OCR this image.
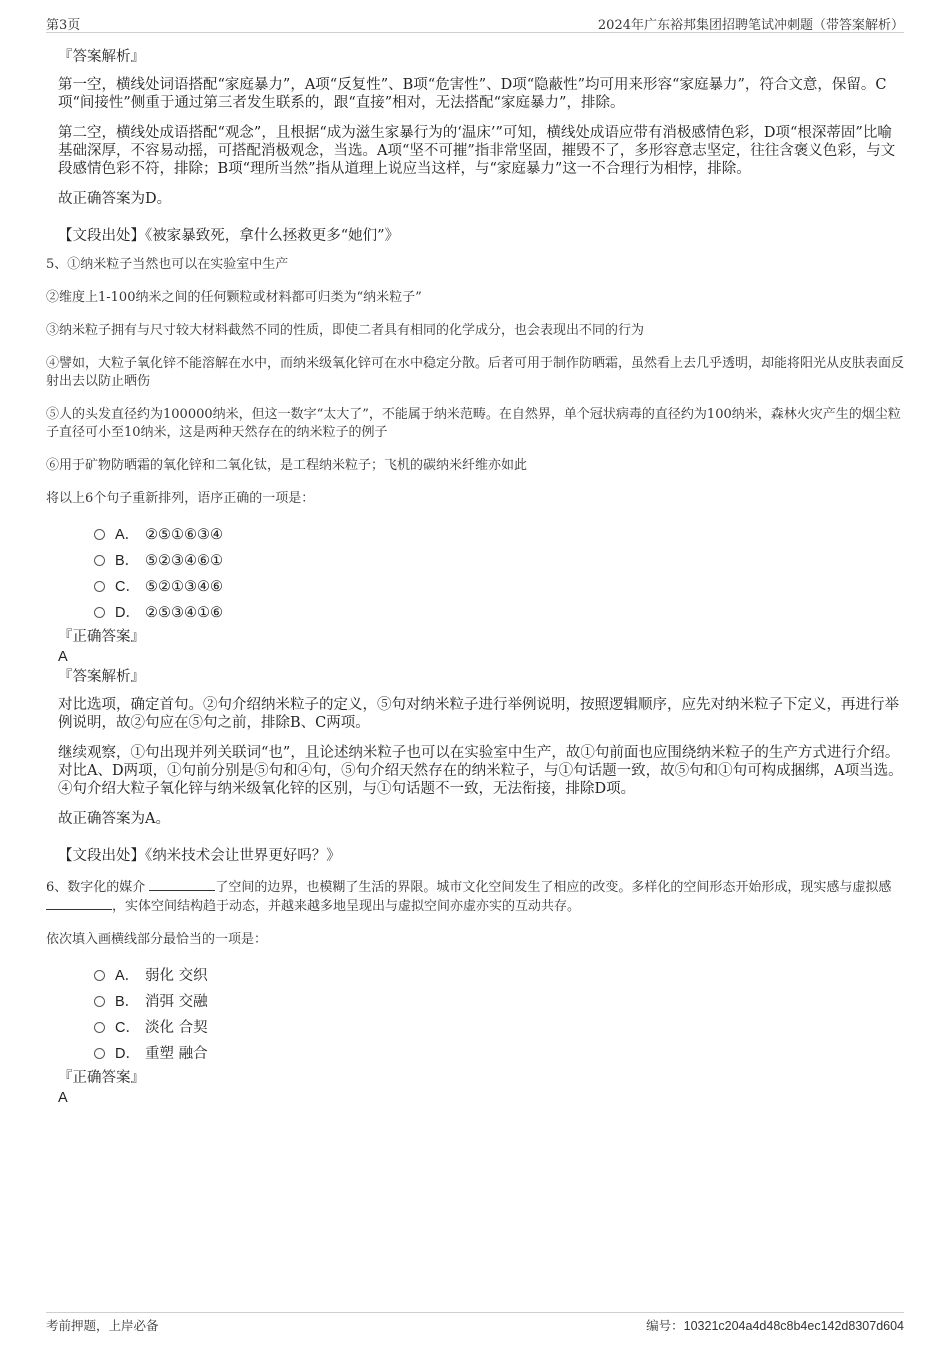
第3页	2024年广东裕邦集团招聘笔试冲刺题（带答案解析）
『答案解析』
第一空，横线处词语搭配“家庭暴力”，A项“反复性”、B项“危害性”、D项“隐蔽性”均可用来形容“家庭暴力”，符合文意，保留。C项“间接性”侧重于通过第三者发生联系的，跟“直接”相对，无法搭配“家庭暴力”，排除。
第二空，横线处成语搭配“观念”，且根据“成为滋生家暴行为的‘温床’”可知，横线处成语应带有消极感情色彩，D项“根深蒂固”比喻基础深厚，不容易动摇，可搭配消极观念，当选。A项“坚不可摧”指非常坚固，摧毁不了，多形容意志坚定，往往含褒义色彩，与文段感情色彩不符，排除；B项“理所当然”指从道理上说应当这样，与“家庭暴力”这一不合理行为相悖，排除。
故正确答案为D。
【文段出处】《被家暴致死，拿什么拯救更多“她们”》
5、①纳米粒子当然也可以在实验室中生产
②维度上1-100纳米之间的任何颗粒或材料都可归类为“纳米粒子”
③纳米粒子拥有与尺寸较大材料截然不同的性质，即使二者具有相同的化学成分，也会表现出不同的行为
④譬如，大粒子氧化锌不能溶解在水中，而纳米级氧化锌可在水中稳定分散。后者可用于制作防晒霜，虽然看上去几乎透明，却能将阳光从皮肤表面反射出去以防止晒伤
⑤人的头发直径约为100000纳米，但这一数字“太大了”，不能属于纳米范畴。在自然界，单个冠状病毒的直径约为100纳米，森林火灾产生的烟尘粒子直径可小至10纳米，这是两种天然存在的纳米粒子的例子
⑥用于矿物防晒霜的氧化锌和二氧化钛，是工程纳米粒子；飞机的碳纳米纤维亦如此
将以上6个句子重新排列，语序正确的一项是：
A． ②⑤①⑥③④
B． ⑤②③④⑥①
C． ⑤②①③④⑥
D． ②⑤③④①⑥
『正确答案』
A
『答案解析』
对比选项，确定首句。②句介绍纳米粒子的定义，⑤句对纳米粒子进行举例说明，按照逻辑顺序，应先对纳米粒子下定义，再进行举例说明，故②句应在⑤句之前，排除B、C两项。
继续观察，①句出现并列关联词“也”，且论述纳米粒子也可以在实验室中生产，故①句前面也应围绕纳米粒子的生产方式进行介绍。对比A、D两项，①句前分别是⑤句和④句，⑤句介绍天然存在的纳米粒子，与①句话题一致，故⑤句和①句可构成捆绑，A项当选。④句介绍大粒子氧化锌与纳米级氧化锌的区别，与①句话题不一致，无法衔接，排除D项。
故正确答案为A。
【文段出处】《纳米技术会让世界更好吗？》
6、数字化的媒介	了空间的边界，也模糊了生活的界限。城市文化空间发生了相应的改变。多样化的空间形态开始形成，现实感与虚拟感，实体空间结构趋于动态，并越来越多地呈现出与虚拟空间亦虚亦实的互动共存。
依次填入画横线部分最恰当的一项是：
A． 弱化 交织
B． 消弭 交融
C． 淡化 合契
D． 重塑 融合
『正确答案』
A
考前押题，上岸必备	编号：10321c204a4d48c8b4ec142d8307d604
